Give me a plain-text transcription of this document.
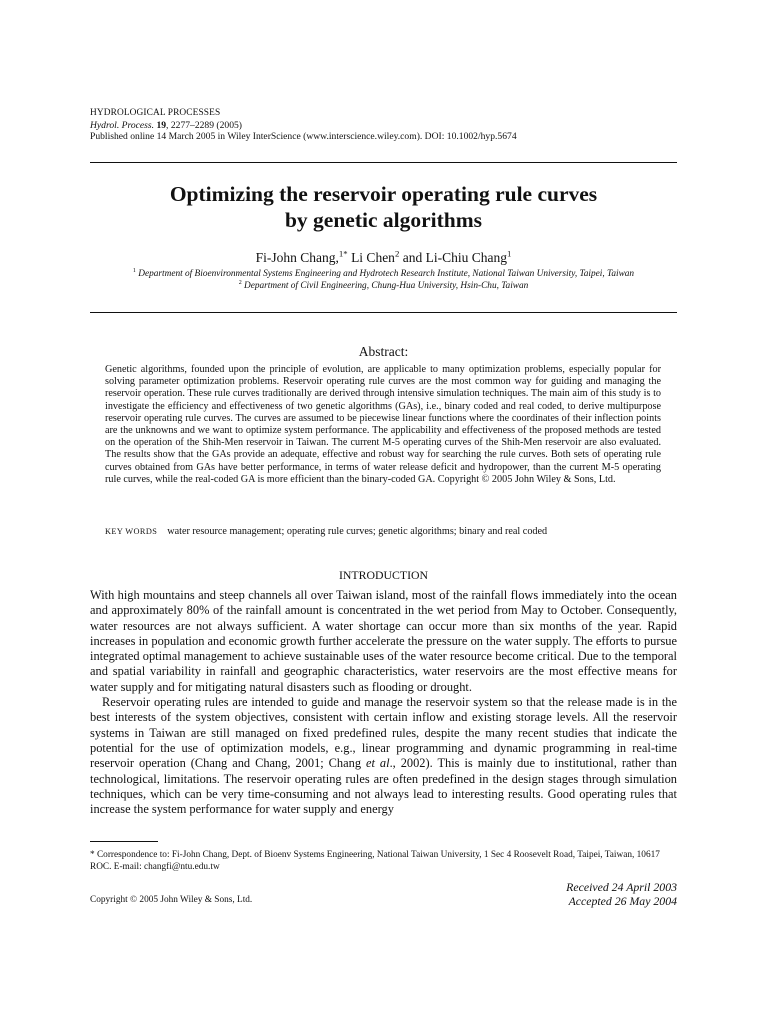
HYDROLOGICAL PROCESSES
Hydrol. Process. 19, 2277–2289 (2005)
Published online 14 March 2005 in Wiley InterScience (www.interscience.wiley.com). DOI: 10.1002/hyp.5674
Optimizing the reservoir operating rule curves
by genetic algorithms
Fi-John Chang,$^{1*}$ Li Chen$^2$ and Li-Chiu Chang$^1$
$^1$ Department of Bioenvironmental Systems Engineering and Hydrotech Research Institute, National Taiwan University, Taipei, Taiwan
$^2$ Department of Civil Engineering, Chung-Hua University, Hsin-Chu, Taiwan
Abstract:
Genetic algorithms, founded upon the principle of evolution, are applicable to many optimization problems, especially popular for solving parameter optimization problems. Reservoir operating rule curves are the most common way for guiding and managing the reservoir operation. These rule curves traditionally are derived through intensive simulation techniques. The main aim of this study is to investigate the efficiency and effectiveness of two genetic algorithms (GAs), i.e., binary coded and real coded, to derive multipurpose reservoir operating rule curves. The curves are assumed to be piecewise linear functions where the coordinates of their inflection points are the unknowns and we want to optimize system performance. The applicability and effectiveness of the proposed methods are tested on the operation of the Shih-Men reservoir in Taiwan. The current M-5 operating curves of the Shih-Men reservoir are also evaluated. The results show that the GAs provide an adequate, effective and robust way for searching the rule curves. Both sets of operating rule curves obtained from GAs have better performance, in terms of water release deficit and hydropower, than the current M-5 operating rule curves, while the real-coded GA is more efficient than the binary-coded GA. Copyright © 2005 John Wiley & Sons, Ltd.
KEY WORDS water resource management; operating rule curves; genetic algorithms; binary and real coded
INTRODUCTION

With high mountains and steep channels all over Taiwan island, most of the rainfall flows immediately into the ocean and approximately 80% of the rainfall amount is concentrated in the wet period from May to October. Consequently, water resources are not always sufficient. A water shortage can occur more than six months of the year. Rapid increases in population and economic growth further accelerate the pressure on the water supply. The efforts to pursue integrated optimal management to achieve sustainable uses of the water resource become critical. Due to the temporal and spatial variability in rainfall and geographic characteristics, water reservoirs are the most effective means for water supply and for mitigating natural disasters such as flooding or drought.

Reservoir operating rules are intended to guide and manage the reservoir system so that the release made is in the best interests of the system objectives, consistent with certain inflow and existing storage levels. All the reservoir systems in Taiwan are still managed on fixed predefined rules, despite the many recent studies that indicate the potential for the use of optimization models, e.g., linear programming and dynamic programming in real-time reservoir operation (Chang and Chang, 2001; Chang et al., 2002). This is mainly due to institutional, rather than technological, limitations. The reservoir operating rules are often predefined in the design stages through simulation techniques, which can be very time-consuming and not always lead to interesting results. Good operating rules that increase the system performance for water supply and energy

* Correspondence to: Fi-John Chang, Dept. of Bioenv Systems Engineering, National Taiwan University, 1 Sec 4 Roosevelt Road, Taipei, Taiwan, 10617 ROC. E-mail: changfi@ntu.edu.tw
Received 24 April 2003
Accepted 26 May 2004
Copyright © 2005 John Wiley & Sons, Ltd.
